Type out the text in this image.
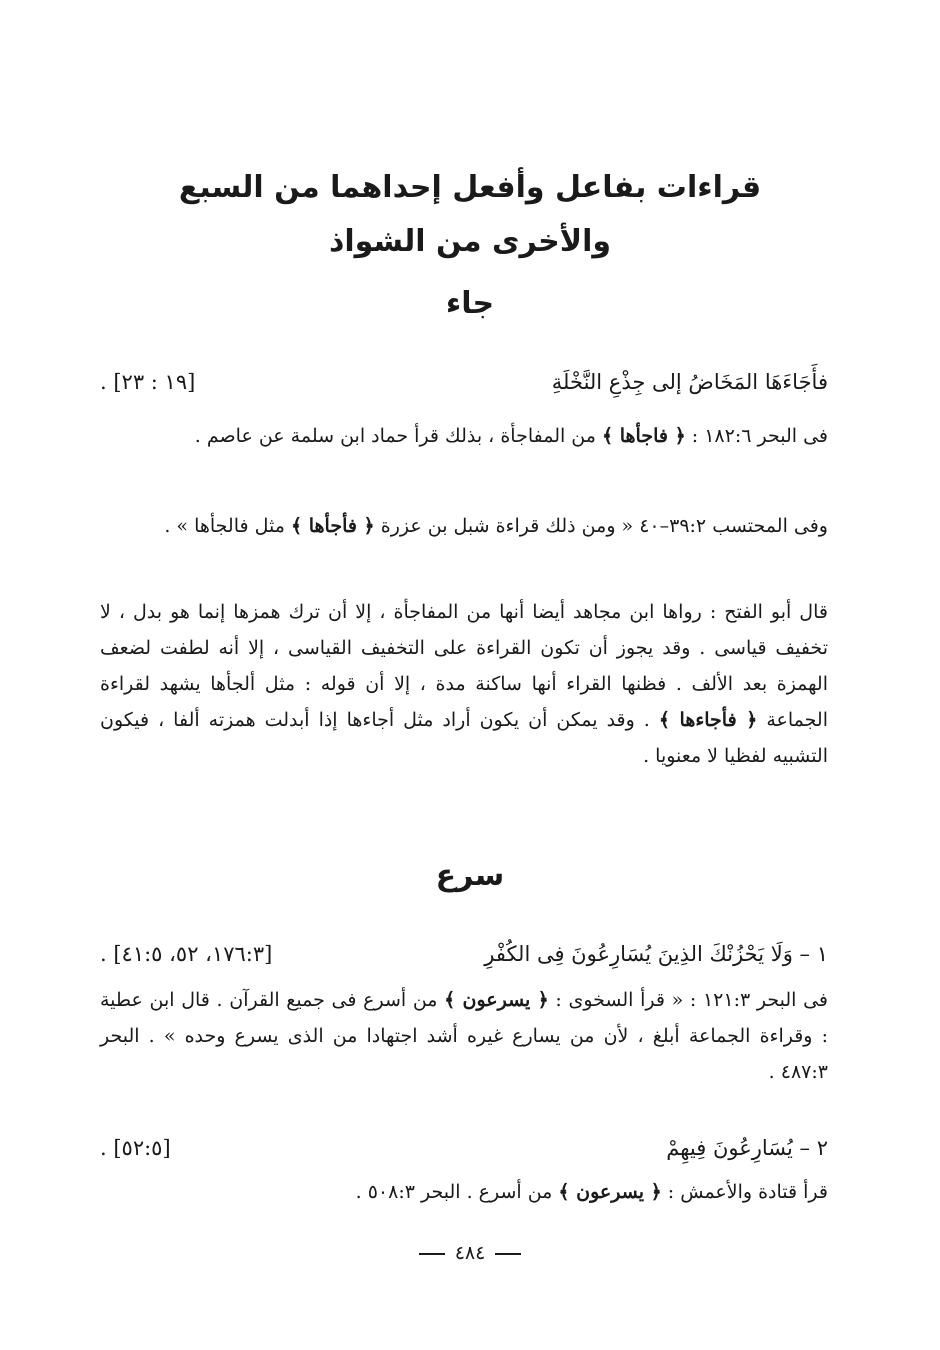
قراءات بفاعل وأفعل إحداهما من السبع
والأخرى من الشواذ
جاء
فأَجَاءَهَا المَخَاضُ إلى جِذْعِ النَّخْلَةِ
[١٩ : ٢٣] .

فى البحر ١٨٢:٦ : ﴿ فاجأها ﴾ من المفاجأة ، بذلك قرأ حماد ابن سلمة عن عاصم .

وفى المحتسب ٣٩:٢–٤٠ « ومن ذلك قراءة شبل بن عزرة ﴿ فأجأها ﴾ مثل فالجأها » .

قال أبو الفتح : رواها ابن مجاهد أيضا أنها من المفاجأة ، إلا أن ترك همزها إنما هو بدل ، لا تخفيف قياسى . وقد يجوز أن تكون القراءة على التخفيف القياسى ، إلا أنه لطفت لضعف الهمزة بعد الألف . فظنها القراء أنها ساكنة مدة ، إلا أن قوله : مثل ألجأها يشهد لقراءة الجماعة ﴿ فأجاءها ﴾ . وقد يمكن أن يكون أراد مثل أجاءها إذا أبدلت همزته ألفا ، فيكون التشبيه لفظيا لا معنويا .

سرع
١ – وَلَا يَحْزُنْكَ الذِينَ يُسَارِعُونَ فِى الكُفْرِ
[١٧٦:٣، ٥٢، ٤١:٥] .

فى البحر ١٢١:٣ : « قرأ السخوى : ﴿ يسرعون ﴾ من أسرع فى جميع القرآن . قال ابن عطية : وقراءة الجماعة أبلغ ، لأن من يسارع غيره أشد اجتهادا من الذى يسرع وحده » . البحر ٤٨٧:٣ .

٢ – يُسَارِعُونَ فِيهِمْ
[٥٢:٥] .

قرأ قتادة والأعمش : ﴿ يسرعون ﴾ من أسرع . البحر ٥٠٨:٣ .

٤٨٤
